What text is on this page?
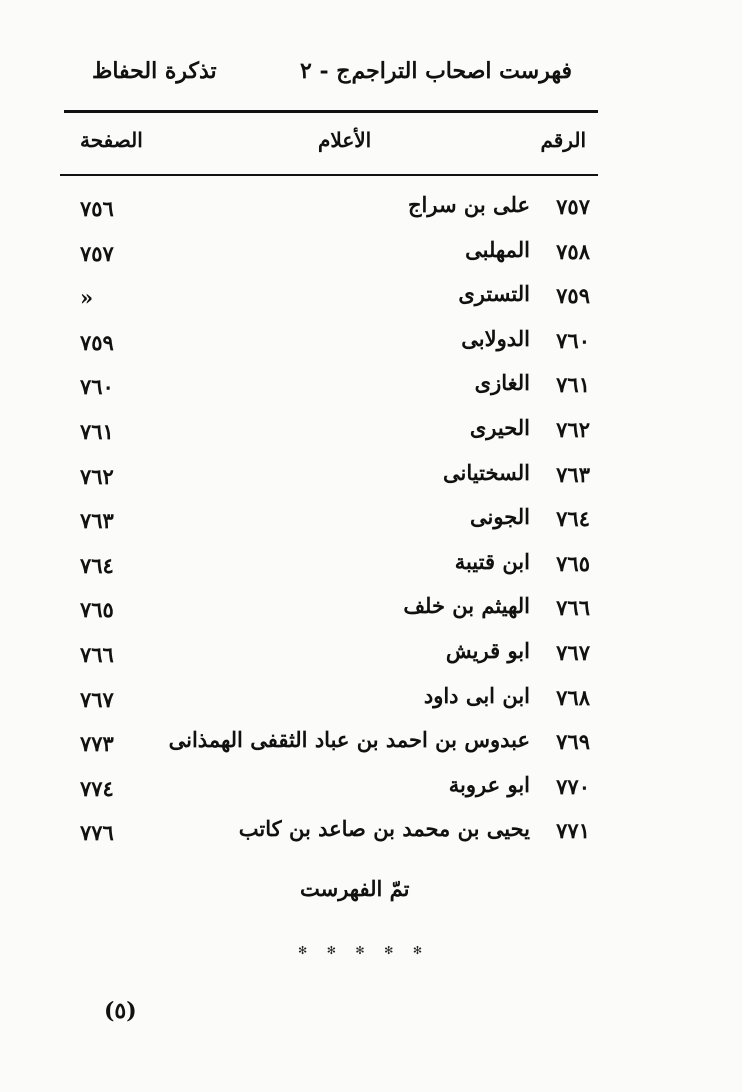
فهرست اصحاب التراجم
ج - ٢
تذكرة الحفاظ
الرقم
الأعلام
الصفحة
٧٥٧
على بن سراج
٧٥٦
٧٥٨
المهلبى
٧٥٧
٧٥٩
التسترى
«
٧٦٠
الدولابى
٧٥٩
٧٦١
الغازى
٧٦٠
٧٦٢
الحيرى
٧٦١
٧٦٣
السختيانى
٧٦٢
٧٦٤
الجونى
٧٦٣
٧٦٥
ابن قتيبة
٧٦٤
٧٦٦
الهيثم بن خلف
٧٦٥
٧٦٧
ابو قريش
٧٦٦
٧٦٨
ابن ابى داود
٧٦٧
٧٦٩
عبدوس بن احمد بن عباد الثقفى الهمذانى
٧٧٣
٧٧٠
ابو عروبة
٧٧٤
٧٧١
يحيى بن محمد بن صاعد بن كاتب
٧٧٦
تمّ الفهرست
✻ ✻ ✻ ✻ ✻
(٥)
